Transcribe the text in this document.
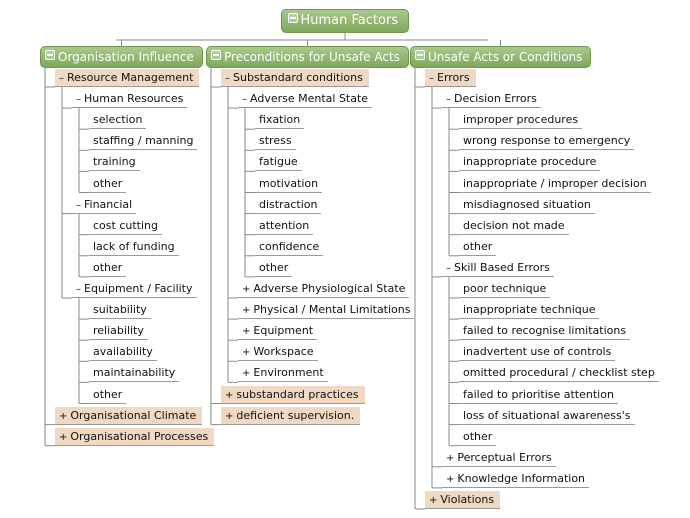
Human Factors
Organisation Influence
– Resource Management
– Human Resources
selection
staffing / manning
training
other
– Financial
cost cutting
lack of funding
other
– Equipment / Facility
suitability
reliability
availability
maintainability
other
+ Organisational Climate
+ Organisational Processes
Preconditions for Unsafe Acts
– Substandard conditions
– Adverse Mental State
fixation
stress
fatigue
motivation
distraction
attention
confidence
other
+ Adverse Physiological State
+ Physical / Mental Limitations
+ Equipment
+ Workspace
+ Environment
+ substandard practices
+ deficient supervision.
Unsafe Acts or Conditions
– Errors
– Decision Errors
improper procedures
wrong response to emergency
inappropriate procedure
inappropriate / improper decision
misdiagnosed situation
decision not made
other
– Skill Based Errors
poor technique
inappropriate technique
failed to recognise limitations
inadvertent use of controls
omitted procedural / checklist step
failed to prioritise attention
loss of situational awareness's
other
+ Perceptual Errors
+ Knowledge Information
+ Violations
